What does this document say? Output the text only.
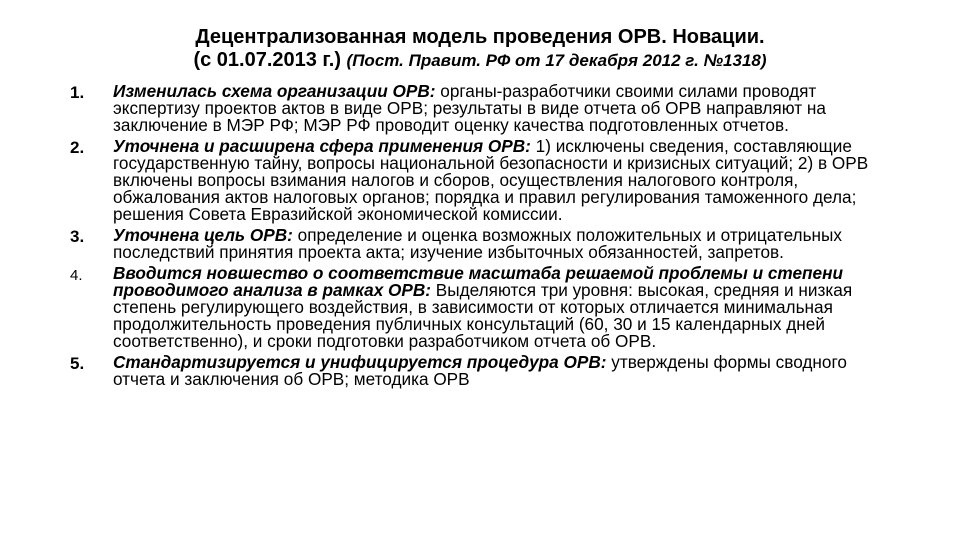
Децентрализованная модель проведения ОРВ. Новации.
(с 01.07.2013 г.) (Пост. Правит. РФ от 17 декабря 2012 г. №1318)
1. Изменилась схема организации ОРВ: органы-разработчики своими силами проводят экспертизу проектов актов в виде ОРВ; результаты в виде отчета об ОРВ направляют на заключение в МЭР РФ; МЭР РФ проводит оценку качества подготовленных отчетов.
2. Уточнена и расширена сфера применения ОРВ: 1) исключены сведения, составляющие государственную тайну, вопросы национальной безопасности и кризисных ситуаций; 2) в ОРВ включены вопросы взимания налогов и сборов, осуществления налогового контроля, обжалования актов налоговых органов; порядка и правил регулирования таможенного дела; решения Совета Евразийской экономической комиссии.
3. Уточнена цель ОРВ: определение и оценка возможных положительных и отрицательных последствий принятия проекта акта; изучение избыточных обязанностей, запретов.
4. Вводится новшество о соответствие масштаба решаемой проблемы и степени проводимого анализа в рамках ОРВ: Выделяются три уровня: высокая, средняя и низкая степень регулирующего воздействия, в зависимости от которых отличается минимальная продолжительность проведения публичных консультаций (60, 30 и 15 календарных дней соответственно), и сроки подготовки разработчиком отчета об ОРВ.
5. Стандартизируется и унифицируется процедура ОРВ: утверждены формы сводного отчета и заключения об ОРВ; методика ОРВ
